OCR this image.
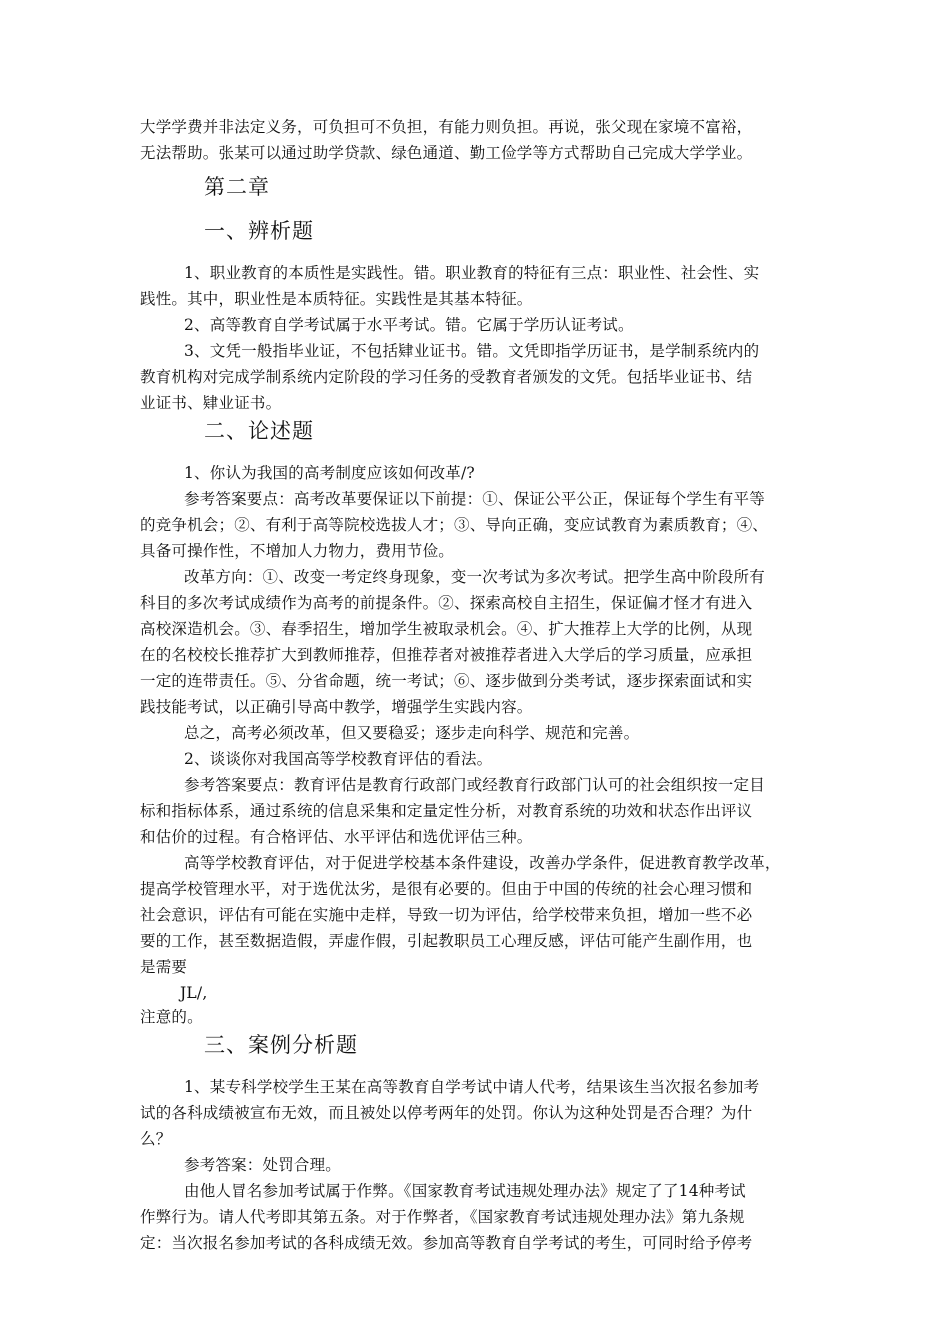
大学学费并非法定义务，可负担可不负担，有能力则负担。再说，张父现在家境不富裕，
无法帮助。张某可以通过助学贷款、绿色通道、勤工俭学等方式帮助自己完成大学学业。
第二章
一、辨析题
1、职业教育的本质性是实践性。错。职业教育的特征有三点：职业性、社会性、实
践性。其中，职业性是本质特征。实践性是其基本特征。
2、高等教育自学考试属于水平考试。错。它属于学历认证考试。
3、文凭一般指毕业证，不包括肄业证书。错。文凭即指学历证书，是学制系统内的
教育机构对完成学制系统内定阶段的学习任务的受教育者颁发的文凭。包括毕业证书、结
业证书、肄业证书。
二、论述题
1、你认为我国的高考制度应该如何改革/?
参考答案要点：高考改革要保证以下前提：①、保证公平公正，保证每个学生有平等
的竞争机会；②、有利于高等院校选拔人才；③、导向正确，变应试教育为素质教育；④、
具备可操作性，不增加人力物力，费用节俭。
改革方向：①、改变一考定终身现象，变一次考试为多次考试。把学生高中阶段所有
科目的多次考试成绩作为高考的前提条件。②、探索高校自主招生，保证偏才怪才有进入
高校深造机会。③、春季招生，增加学生被取录机会。④、扩大推荐上大学的比例，从现
在的名校校长推荐扩大到教师推荐，但推荐者对被推荐者进入大学后的学习质量，应承担
一定的连带责任。⑤、分省命题，统一考试；⑥、逐步做到分类考试，逐步探索面试和实
践技能考试，以正确引导高中教学，增强学生实践内容。
总之，高考必须改革，但又要稳妥；逐步走向科学、规范和完善。
2、谈谈你对我国高等学校教育评估的看法。
参考答案要点：教育评估是教育行政部门或经教育行政部门认可的社会组织按一定目
标和指标体系，通过系统的信息采集和定量定性分析，对教育系统的功效和状态作出评议
和估价的过程。有合格评估、水平评估和选优评估三种。
高等学校教育评估，对于促进学校基本条件建设，改善办学条件，促进教育教学改革，
提高学校管理水平，对于选优汰劣，是很有必要的。但由于中国的传统的社会心理习惯和
社会意识，评估有可能在实施中走样，导致一切为评估，给学校带来负担，增加一些不必
要的工作，甚至数据造假，弄虚作假，引起教职员工心理反感，评估可能产生副作用，也
是需要
JL/,
注意的。
三、案例分析题
1、某专科学校学生王某在高等教育自学考试中请人代考，结果该生当次报名参加考
试的各科成绩被宣布无效，而且被处以停考两年的处罚。你认为这种处罚是否合理？为什
么？
参考答案：处罚合理。
由他人冒名参加考试属于作弊。《国家教育考试违规处理办法》规定了了14种考试
作弊行为。请人代考即其第五条。对于作弊者，《国家教育考试违规处理办法》第九条规
定：当次报名参加考试的各科成绩无效。参加高等教育自学考试的考生，可同时给予停考
